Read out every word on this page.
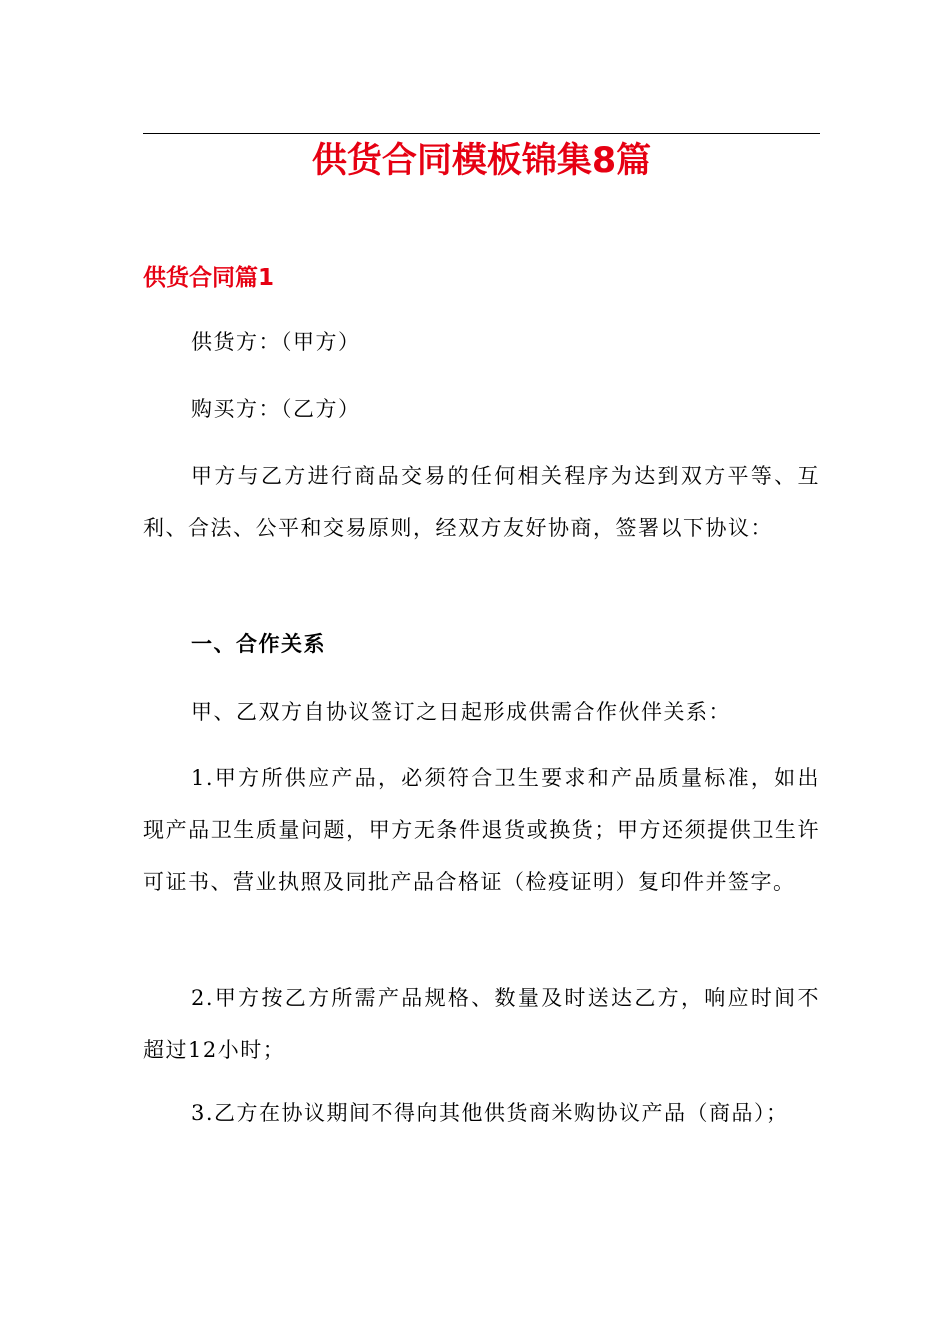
供货合同模板锦集8篇
供货合同篇1

供货方：（甲方）

购买方：（乙方）

甲方与乙方进行商品交易的任何相关程序为达到双方平等、互利、合法、公平和交易原则，经双方友好协商，签署以下协议：

一、合作关系

甲、乙双方自协议签订之日起形成供需合作伙伴关系：

1.甲方所供应产品，必须符合卫生要求和产品质量标准，如出现产品卫生质量问题，甲方无条件退货或换货；甲方还须提供卫生许可证书、营业执照及同批产品合格证（检疫证明）复印件并签字。

2.甲方按乙方所需产品规格、数量及时送达乙方，响应时间不超过12小时；

3.乙方在协议期间不得向其他供货商米购协议产品（商品）；
